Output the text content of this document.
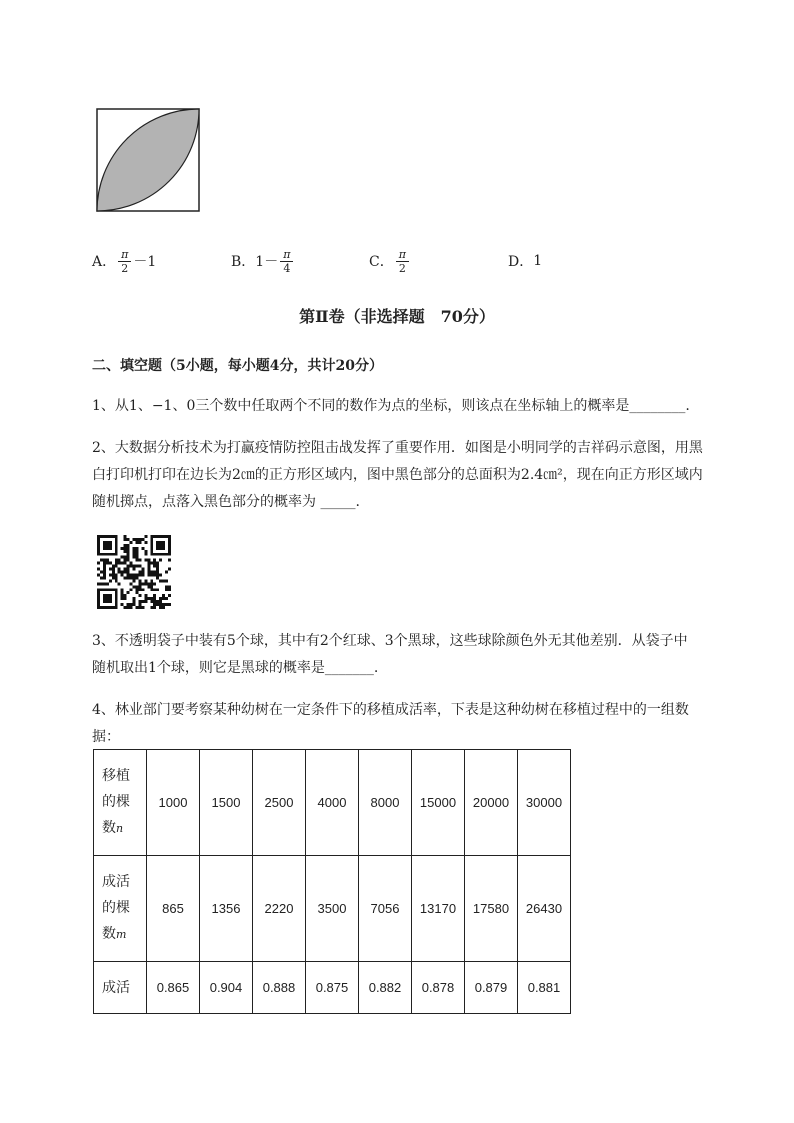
A． $\frac{\pi}{2} -1$	B． $1- \frac{\pi}{4}$	C． $\frac{\pi}{2}$	D． 1
第Ⅱ卷（非选择题　70分）
二、填空题（5小题，每小题4分，共计20分）
1、从1、−1、0三个数中任取两个不同的数作为点的坐标，则该点在坐标轴上的概率是________.
2、大数据分析技术为打赢疫情防控阻击战发挥了重要作用．如图是小明同学的吉祥码示意图，用黑
白打印机打印在边长为2㎝的正方形区域内，图中黑色部分的总面积为2.4㎝²，现在向正方形区域内
随机掷点，点落入黑色部分的概率为 _____.
3、不透明袋子中装有5个球，其中有2个红球、3个黑球，这些球除颜色外无其他差别．从袋子中
随机取出1个球，则它是黑球的概率是_______.
4、林业部门要考察某种幼树在一定条件下的移植成活率，下表是这种幼树在移植过程中的一组数
据：
移植
的棵
数n	1000	1500	2500	4000	8000	15000	20000	30000

成活
的棵
数m	865	1356	2220	3500	7056	13170	17580	26430
成活	0.865	0.904	0.888	0.875	0.882	0.878	0.879	0.881
